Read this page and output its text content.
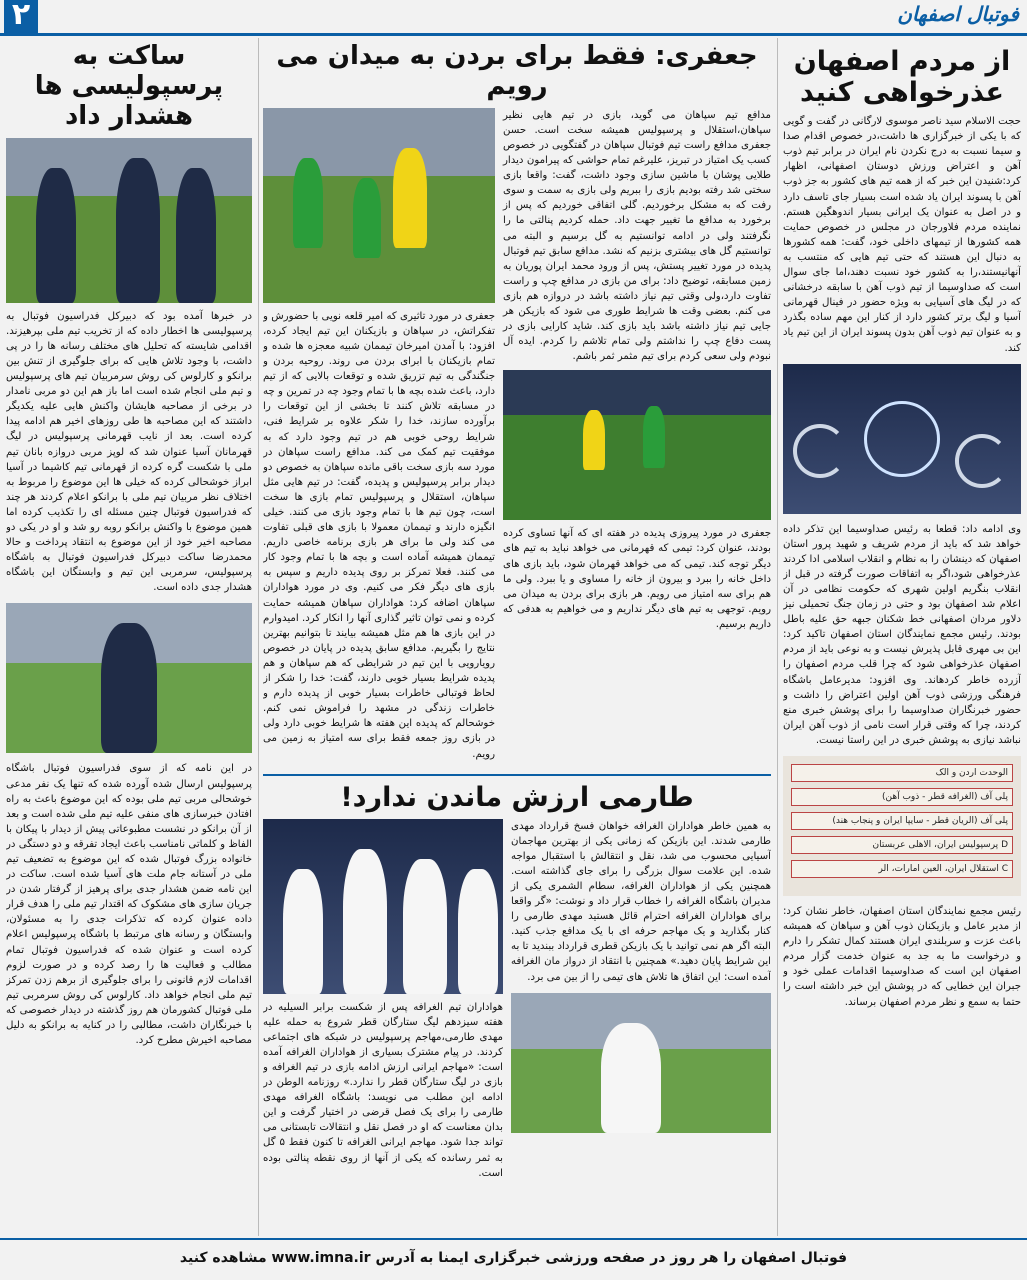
۲	فوتبال اصفهان
از مردم اصفهان عذرخواهی کنید

حجت الاسلام سید ناصر موسوی لارگانی در گفت و گویی که با یکی از خبرگزاری ها داشت،در خصوص اقدام صدا و سیما نسبت به درج نکردن نام ایران در برابر تیم ذوب آهن و اعتراض ورزش دوستان اصفهانی، اظهار کرد:شنیدن این خبر که از همه تیم های کشور به جز ذوب آهن با پسوند ایران یاد شده است بسیار جای تاسف دارد و در اصل به عنوان یک ایرانی بسیار اندوهگین هستم. نماینده مردم فلاورجان در مجلس در خصوص حمایت همه کشورها از تیمهای داخلی خود، گفت: همه کشورها به دنبال این هستند که حتی تیم هایی که منتسب به آنهانیستند،را به کشور خود نسبت دهند،اما جای سوال است که صداوسیما از تیم ذوب آهن با سابقه درخشانی که در لیگ های آسیایی به ویژه حضور در فینال قهرمانی آسیا و لیگ برتر کشور دارد از کنار این مهم ساده بگذرد و به عنوان تیم ذوب آهن بدون پسوند ایران از این تیم یاد کند.

وی ادامه داد: قطعا به رئیس صداوسیما این تذکر داده خواهد شد که باید از مردم شریف و شهید پرور استان اصفهان که دینشان را به نظام و انقلاب اسلامی ادا کردند عذرخواهی شود،اگر به اتفاقات صورت گرفته در قبل از انقلاب بنگریم اولین شهری که حکومت نظامی در آن اعلام شد اصفهان بود و حتی در زمان جنگ تحمیلی نیز دلاور مردان اصفهانی خط شکنان جبهه حق علیه باطل بودند. رئیس مجمع نمایندگان استان اصفهان تاکید کرد: این بی مهری قابل پذیرش نیست و به نوعی باید از مردم اصفهان عذرخواهی شود که چرا قلب مردم اصفهان را آزرده خاطر کردهاند. وی افزود: مدیرعامل باشگاه فرهنگی ورزشی ذوب آهن اولین اعتراض را داشت و حضور خبرنگاران صداوسیما را برای پوشش خبری منع کردند، چرا که وقتی قرار است نامی از ذوب آهن ایران نباشد نیازی به پوشش خبری در این راستا نیست.

الوحدت اردن و الک
پلی آف (الغرافه قطر - ذوب آهن)
پلی آف (الریان قطر - سایپا ایران و پنجاب هند)
D پرسپولیس ایران، الاهلی عربستان
C استقلال ایران، العین امارات، الر

رئیس مجمع نمایندگان استان اصفهان، خاطر نشان کرد: از مدیر عامل و بازیکنان ذوب آهن و سپاهان که همیشه باعث عزت و سربلندی ایران هستند کمال تشکر را دارم و درخواست ما به جد به عنوان خدمت گزار مردم اصفهان این است که صداوسیما اقدامات عملی خود و جبران این خطایی که در پوشش این خبر داشته است را حتما به سمع و نظر مردم اصفهان برساند.

جعفری: فقط برای بردن به میدان می رویم

مدافع تیم سپاهان می گوید، بازی در تیم هایی نظیر سپاهان،استقلال و پرسپولیس همیشه سخت است. حسن جعفری مدافع راست تیم فوتبال سپاهان در گفتگویی در خصوص کسب یک امتیاز در تبریز، علیرغم تمام حواشی که پیرامون دیدار طلایی پوشان با ماشین سازی وجود داشت، گفت: واقعا بازی سختی شد رفته بودیم بازی را ببریم ولی بازی به سمت و سوی رفت که به مشکل برخوردیم. گلی اتفاقی خوردیم که پس از برخورد به مدافع ما تغییر جهت داد. حمله کردیم پنالتی ما را نگرفتند ولی در ادامه توانستیم به گل برسیم و البته می توانستیم گل های بیشتری بزنیم که نشد. مدافع سابق تیم فوتبال پدیده در مورد تغییر پستش، پس از ورود محمد ایران پوریان به زمین مسابقه، توضیح داد: برای من بازی در مدافع چپ و راست تفاوت دارد،ولی وقتی تیم نیاز داشته باشد در دروازه هم بازی می کنم. بعضی وقت ها شرایط طوری می شود که بازیکن هر جایی تیم نیاز داشته باشد باید بازی کند. شاید کارایی بازی در پست دفاع چپ را نداشتم ولی تمام تلاشم را کردم. ایده آل نبودم ولی سعی کردم برای تیم مثمر ثمر باشم.

جعفری در مورد پیروزی پدیده در هفته ای که آنها تساوی کرده بودند، عنوان کرد: تیمی که قهرمانی می خواهد نباید به تیم های دیگر توجه کند. تیمی که می خواهد قهرمان شود، باید بازی های داخل خانه را ببرد و بیرون از خانه را مساوی و یا ببرد. ولی ما هم برای سه امتیاز می رویم. هر بازی برای بردن به میدان می رویم. توجهی به تیم های دیگر نداریم و می خواهیم به هدفی که داریم برسیم.

جعفری در مورد تاثیری که امیر قلعه نویی با حضورش و تفکراتش، در سپاهان و بازیکنان این تیم ایجاد کرده، افزود: با آمدن امیرخان تیممان شبیه معجزه ها شده و تمام بازیکنان با ابرای بردن می روند. روحیه بردن و جنگندگی به تیم تزریق شده و توقعات بالایی که از تیم دارد، باعث شده بچه ها با تمام وجود چه در تمرین و چه در مسابقه تلاش کنند تا بخشی از این توقعات را برآورده سازند، خدا را شکر علاوه بر شرایط فنی، شرایط روحی خوبی هم در تیم وجود دارد که به موفقیت تیم کمک می کند. مدافع راست سپاهان در مورد سه بازی سخت باقی مانده سپاهان به خصوص دو دیدار برابر پرسپولیس و پدیده، گفت: در تیم هایی مثل سپاهان، استقلال و پرسپولیس تمام بازی ها سخت است، چون تیم ها با تمام وجود بازی می کنند. خیلی انگیزه دارند و تیممان معمولا با بازی های قبلی تفاوت می کند ولی ما برای هر بازی برنامه خاصی داریم. تیممان همیشه آماده است و بچه ها با تمام وجود کار می کنند. فعلا تمرکز بر روی پدیده داریم و سپس به بازی های دیگر فکر می کنیم. وی در مورد هواداران سپاهان اضافه کرد: هواداران سپاهان همیشه حمایت کرده و نمی توان تاثیر گذاری آنها را انکار کرد. امیدوارم در این بازی ها هم مثل همیشه بیایند تا بتوانیم بهترین نتایج را بگیریم. مدافع سابق پدیده در پایان در خصوص رویارویی با این تیم در شرایطی که هم سپاهان و هم پدیده شرایط بسیار خوبی دارند، گفت: خدا را شکر از لحاظ فوتبالی خاطرات بسیار خوبی از پدیده دارم و خاطرات زندگی در مشهد را فراموش نمی کنم. خوشحالم که پدیده این هفته ها شرایط خوبی دارد ولی در بازی روز جمعه فقط برای سه امتیاز به زمین می رویم.

طارمی ارزش ماندن ندارد!

به همین خاطر هواداران الغرافه خواهان فسخ قرارداد مهدی طارمی شدند. این بازیکن که زمانی یکی از بهترین مهاجمان آسیایی محسوب می شد، نقل و انتقالش با استقبال مواجه شده. این علامت سوال بزرگی را برای جای گذاشته است. همچنین یکی از هواداران الغرافه، سطام الشمری یکی از مدیران باشگاه الغرافه را خطاب قرار داد و نوشت: «گر واقعا برای هواداران الغرافه احترام قائل هستید مهدی طارمی را کنار بگذارید و یک مهاجم حرفه ای با یک مدافع جذب کنید. البته اگر هم نمی توانید با یک بازیکن قطری قرارداد ببندید تا به این شرایط پایان دهید.» همچنین با انتقاد از درواز مان الغرافه آمده است: این اتفاق ها تلاش های تیمی را از بین می برد.

هواداران تیم الغرافه پس از شکست برابر السیلیه در هفته سیزدهم لیگ ستارگان قطر شروع به حمله علیه مهدی طارمی،مهاجم پرسپولیس در شبکه های اجتماعی کردند. در پیام مشترک بسیاری از هواداران الغرافه آمده است: «مهاجم ایرانی ارزش ادامه بازی در تیم الغرافه و بازی در لیگ ستارگان قطر را ندارد.» روزنامه الوطن در ادامه این مطلب می نویسد: باشگاه الغرافه مهدی طارمی را برای یک فصل قرضی در اختیار گرفت و این بدان معناست که او در فصل نقل و انتقالات تابستانی می تواند جدا شود. مهاجم ایرانی الغرافه تا کنون فقط ۵ گل به ثمر رسانده که یکی از آنها از روی نقطه پنالتی بوده است.

ساکت به پرسپولیسی ها هشدار داد

در خبرها آمده بود که دبیرکل فدراسیون فوتبال به پرسپولیسی ها اخطار داده که از تخریب تیم ملی بپرهیزند. اقدامی شایسته که تحلیل های مختلف رسانه ها را در پی داشت، با وجود تلاش هایی که برای جلوگیری از تنش بین برانکو و کارلوس کی روش سرمربیان تیم های پرسپولیس و تیم ملی انجام شده است اما باز هم این دو مربی نامدار در برخی از مصاحبه هایشان واکنش هایی علیه یکدیگر داشتند که این مصاحبه ها طی روزهای اخیر هم ادامه پیدا کرده است. بعد از نایب قهرمانی پرسپولیس در لیگ قهرمانان آسیا عنوان شد که لوپز مربی دروازه بانان تیم ملی با شکست گره کرده از قهرمانی تیم کاشیما در آسیا ابراز خوشحالی کرده که خیلی ها این موضوع را مربوط به اختلاف نظر مربیان تیم ملی با برانکو اعلام کردند هر چند که فدراسیون فوتبال چنین مسئله ای را تکذیب کرده اما همین موضوع با واکنش برانکو روبه رو شد و او در یکی دو مصاحبه اخیر خود از این موضوع به انتقاد پرداخت و حالا محمدرضا ساکت دبیرکل فدراسیون فوتبال به باشگاه پرسپولیس، سرمربی این تیم و وابستگان این باشگاه هشدار جدی داده است.

در این نامه که از سوی فدراسیون فوتبال باشگاه پرسپولیس ارسال شده آورده شده که تنها یک نفر مدعی خوشحالی مربی تیم ملی بوده که این موضوع باعث به راه افتادن خبرسازی های منفی علیه تیم ملی شده است و بعد از آن برانکو در نشست مطبوعاتی پیش از دیدار با پیکان با الفاظ و کلماتی نامناسب باعث ایجاد تفرقه و دو دستگی در خانواده بزرگ فوتبال شده که این موضوع به تضعیف تیم ملی در آستانه جام ملت های آسیا شده است. ساکت در این نامه ضمن هشدار جدی برای پرهیز از گرفتار شدن در جریان سازی های مشکوک که اقتدار تیم ملی را هدف قرار داده عنوان کرده که تذکرات جدی را به مسئولان، وابستگان و رسانه های مرتبط با باشگاه پرسپولیس اعلام کرده است و عنوان شده که فدراسیون فوتبال تمام مطالب و فعالیت ها را رصد کرده و در صورت لزوم اقدامات لازم قانونی را برای جلوگیری از برهم زدن تمرکز تیم ملی انجام خواهد داد. کارلوس کی روش سرمربی تیم ملی فوتبال کشورمان هم روز گذشته در دیدار خصوصی که با خبرنگاران داشت، مطالبی را در کنایه به برانکو به دلیل مصاحبه اخیرش مطرح کرد.

فوتبال اصفهان را هر روز در صفحه ورزشی خبرگزاری ایمنا به آدرس www.imna.ir مشاهده کنید
